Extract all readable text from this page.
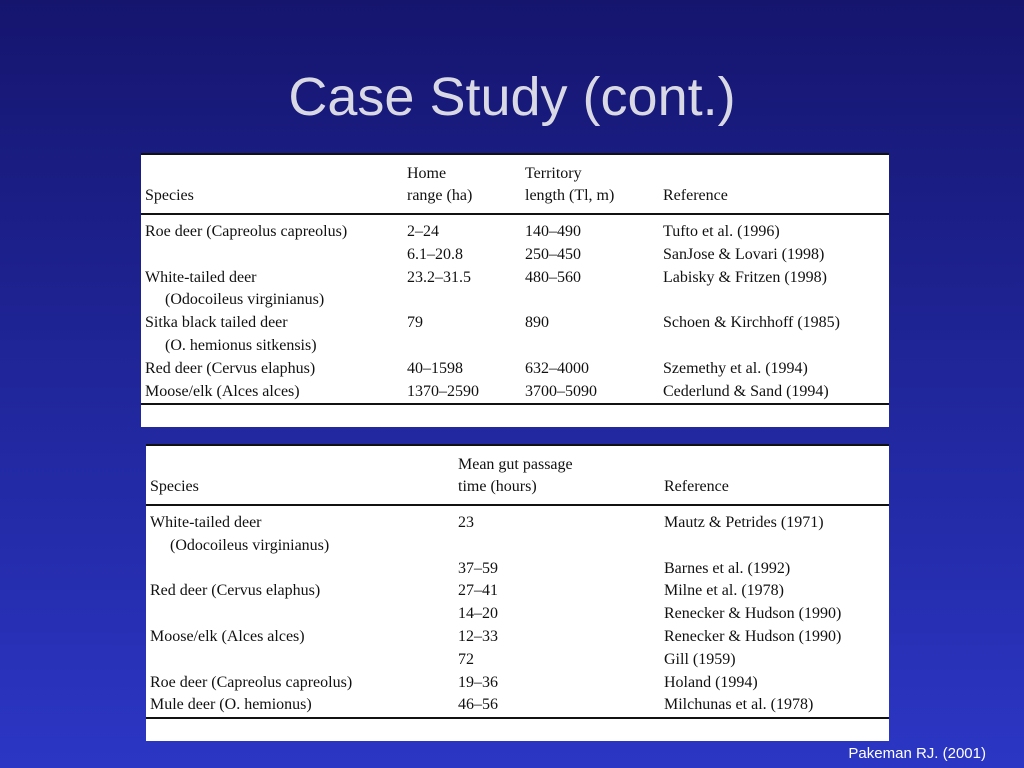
Case Study (cont.)
	Home	Territory	
Species	range (ha)	length (Tl, m)	Reference
Roe deer (Capreolus capreolus)	2–24	140–490	Tufto et al. (1996)
	6.1–20.8	250–450	SanJose & Lovari (1998)
White-tailed deer	23.2–31.5	480–560	Labisky & Fritzen (1998)
(Odocoileus virginianus)			
Sitka black tailed deer	79	890	Schoen & Kirchhoff (1985)
(O. hemionus sitkensis)			
Red deer (Cervus elaphus)	40–1598	632–4000	Szemethy et al. (1994)
Moose/elk (Alces alces)	1370–2590	3700–5090	Cederlund & Sand (1994)
	Mean gut passage	
Species	time (hours)	Reference
White-tailed deer	23	Mautz & Petrides (1971)
(Odocoileus virginianus)		
	37–59	Barnes et al. (1992)
Red deer (Cervus elaphus)	27–41	Milne et al. (1978)
	14–20	Renecker & Hudson (1990)
Moose/elk (Alces alces)	12–33	Renecker & Hudson (1990)
	72	Gill (1959)
Roe deer (Capreolus capreolus)	19–36	Holand (1994)
Mule deer (O. hemionus)	46–56	Milchunas et al. (1978)
Pakeman RJ. (2001)
